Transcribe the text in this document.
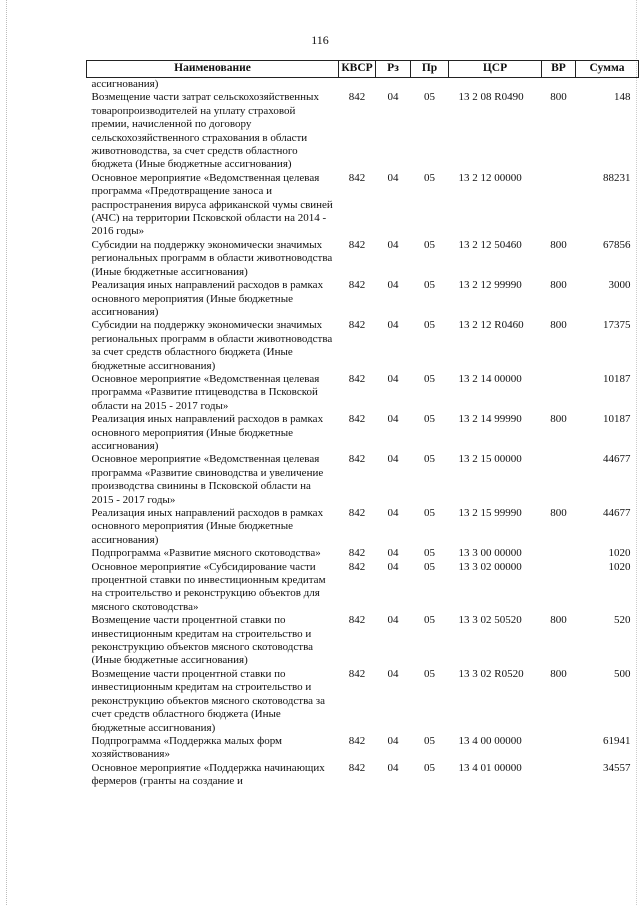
116
Наименование	КВСР	Рз	Пр	ЦСР	ВР	Сумма
ассигнования)						
Возмещение части затрат сельскохозяйственных товаропроизводителей на уплату страховой премии, начисленной по договору сельскохозяйственного страхования в области животноводства, за счет средств областного бюджета (Иные бюджетные ассигнования)	842	04	05	13 2 08 R0490	800	148
Основное мероприятие «Ведомственная целевая программа «Предотвращение заноса и распространения вируса африканской чумы свиней (АЧС) на территории Псковской области на 2014 - 2016 годы»	842	04	05	13 2 12 00000		88231
Субсидии на поддержку экономически значимых региональных программ в области животноводства (Иные бюджетные ассигнования)	842	04	05	13 2 12 50460	800	67856
Реализация иных направлений расходов в рамках основного мероприятия (Иные бюджетные ассигнования)	842	04	05	13 2 12 99990	800	3000
Субсидии на поддержку экономически значимых региональных программ в области животноводства за счет средств областного бюджета (Иные бюджетные ассигнования)	842	04	05	13 2 12 R0460	800	17375
Основное мероприятие «Ведомственная целевая программа «Развитие птицеводства в Псковской области на 2015 - 2017 годы»	842	04	05	13 2 14 00000		10187
Реализация иных направлений расходов в рамках основного мероприятия (Иные бюджетные ассигнования)	842	04	05	13 2 14 99990	800	10187
Основное мероприятие «Ведомственная целевая программа «Развитие свиноводства и увеличение производства свинины в Псковской области на 2015 - 2017 годы»	842	04	05	13 2 15 00000		44677
Реализация иных направлений расходов в рамках основного мероприятия (Иные бюджетные ассигнования)	842	04	05	13 2 15 99990	800	44677
Подпрограмма «Развитие мясного скотоводства»	842	04	05	13 3 00 00000		1020
Основное мероприятие «Субсидирование части процентной ставки по инвестиционным кредитам на строительство и реконструкцию объектов для мясного скотоводства»	842	04	05	13 3 02 00000		1020
Возмещение части процентной ставки по инвестиционным кредитам на строительство и реконструкцию объектов мясного скотоводства (Иные бюджетные ассигнования)	842	04	05	13 3 02 50520	800	520
Возмещение части процентной ставки по инвестиционным кредитам на строительство и реконструкцию объектов мясного скотоводства за счет средств областного бюджета (Иные бюджетные ассигнования)	842	04	05	13 3 02 R0520	800	500
Подпрограмма «Поддержка малых форм хозяйствования»	842	04	05	13 4 00 00000		61941
Основное мероприятие «Поддержка начинающих фермеров (гранты на создание и	842	04	05	13 4 01 00000		34557
